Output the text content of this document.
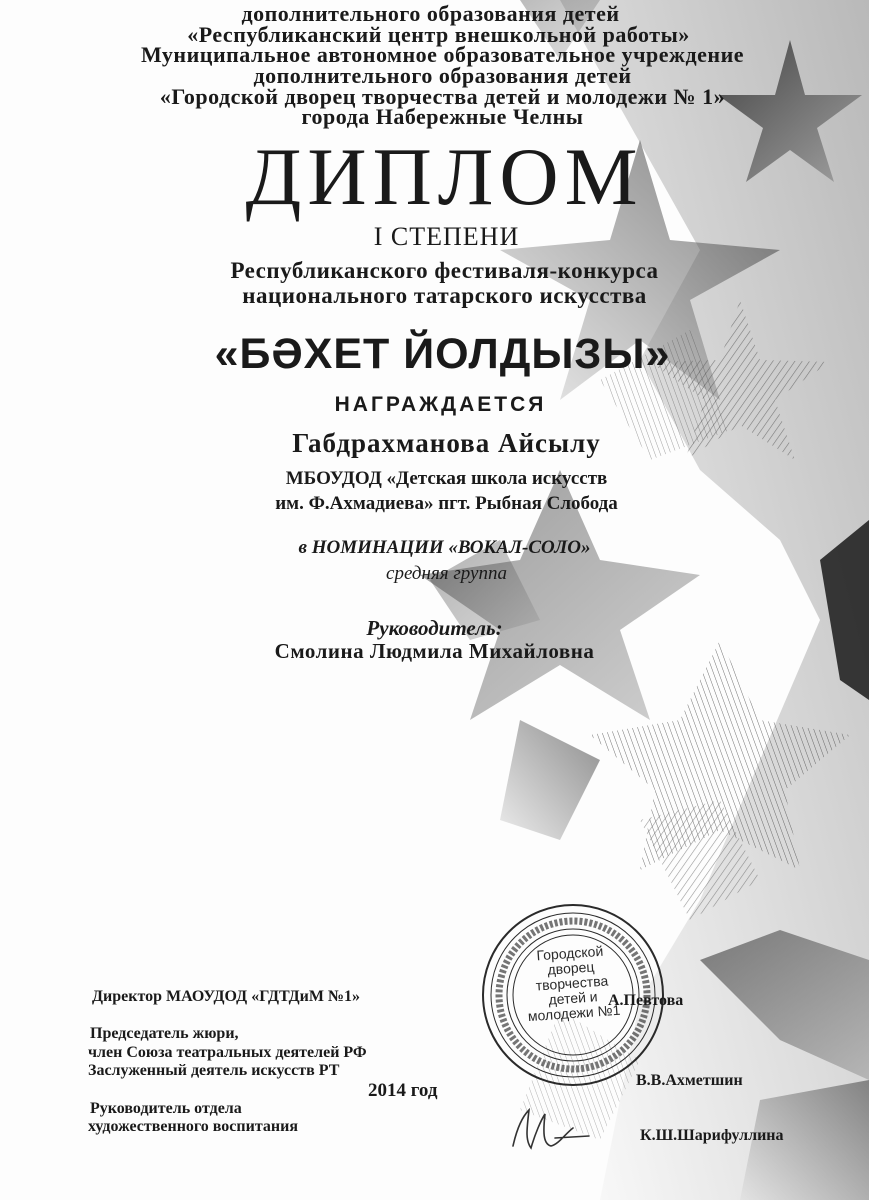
дополнительного образования детей
«Республиканский центр внешкольной работы»
Муниципальное автономное образовательное учреждение
дополнительного образования детей
«Городской дворец творчества детей и молодежи № 1»
города Набережные Челны
ДИПЛОМ
I СТЕПЕНИ
Республиканского фестиваля-конкурса
национального татарского искусства
«БӘХЕТ ЙОЛДЫЗЫ»
НАГРАЖДАЕТСЯ
Габдрахманова Айсылу
МБОУДОД «Детская школа искусств
им. Ф.Ахмадиева» пгт. Рыбная Слобода
в НОМИНАЦИИ «ВОКАЛ-СОЛО»
средняя группа
Руководитель:
Смолина Людмила Михайловна
Городской дворец творчества детей и молодежи №1
Директор МАОУДОД «ГДТДиМ №1»	А.Певтова
Председатель жюри,
член Союза театральных деятелей РФ
Заслуженный деятель искусств РТ
В.В.Ахметшин
2014 год
Руководитель отдела
художественного воспитания
К.Ш.Шарифуллина
